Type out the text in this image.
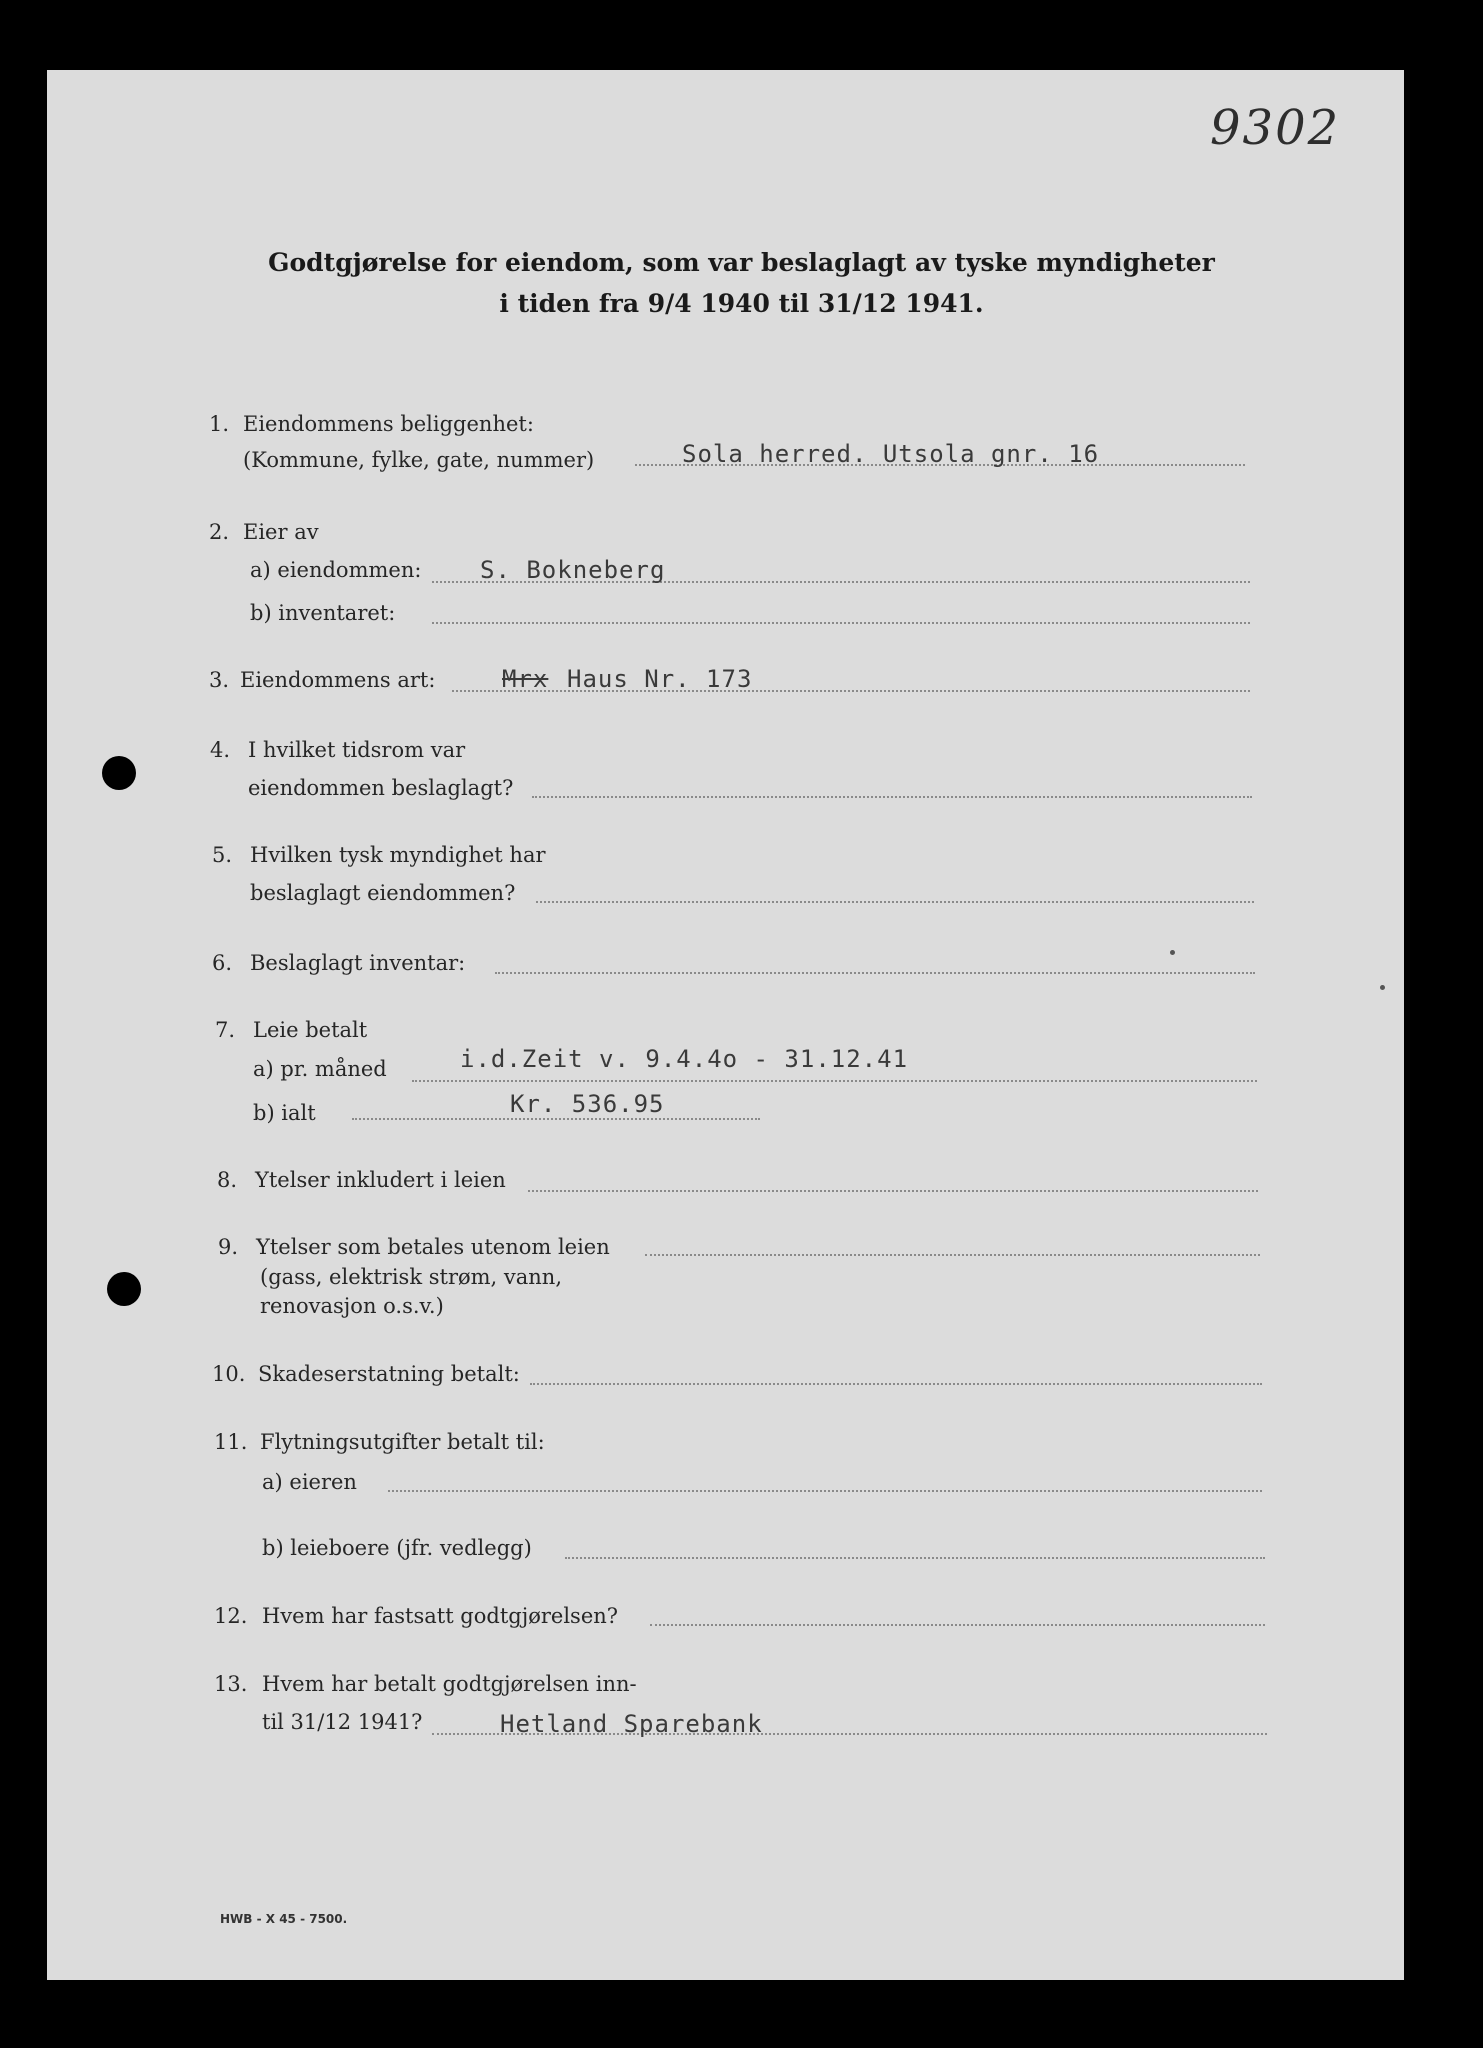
9302
Godtgjørelse for eiendom, som var beslaglagt av tyske myndigheter
i tiden fra 9/4 1940 til 31/12 1941.
1. Eiendommens beliggenhet:
(Kommune, fylke, gate, nummer)	Sola herred. Utsola gnr. 16
2. Eier av
a) eiendommen: S. Bokneberg
b) inventaret:
3. Eiendommens art:	Mrx Haus Nr. 173
4. I hvilket tidsrom var
eiendommen beslaglagt?
5. Hvilken tysk myndighet har
beslaglagt eiendommen?
6. Beslaglagt inventar:
7. Leie betalt
a) pr. måned	i.d.Zeit v. 9.4.4o - 31.12.41
b) ialt	Kr. 536.95
8. Ytelser inkludert i leien
9. Ytelser som betales utenom leien
(gass, elektrisk strøm, vann,
renovasjon o.s.v.)
10. Skadeserstatning betalt:
11. Flytningsutgifter betalt til:
a) eieren
b) leieboere (jfr. vedlegg)
12. Hvem har fastsatt godtgjørelsen?
13. Hvem har betalt godtgjørelsen inn-
til 31/12 1941?	Hetland Sparebank
HWB - X 45 - 7500.
